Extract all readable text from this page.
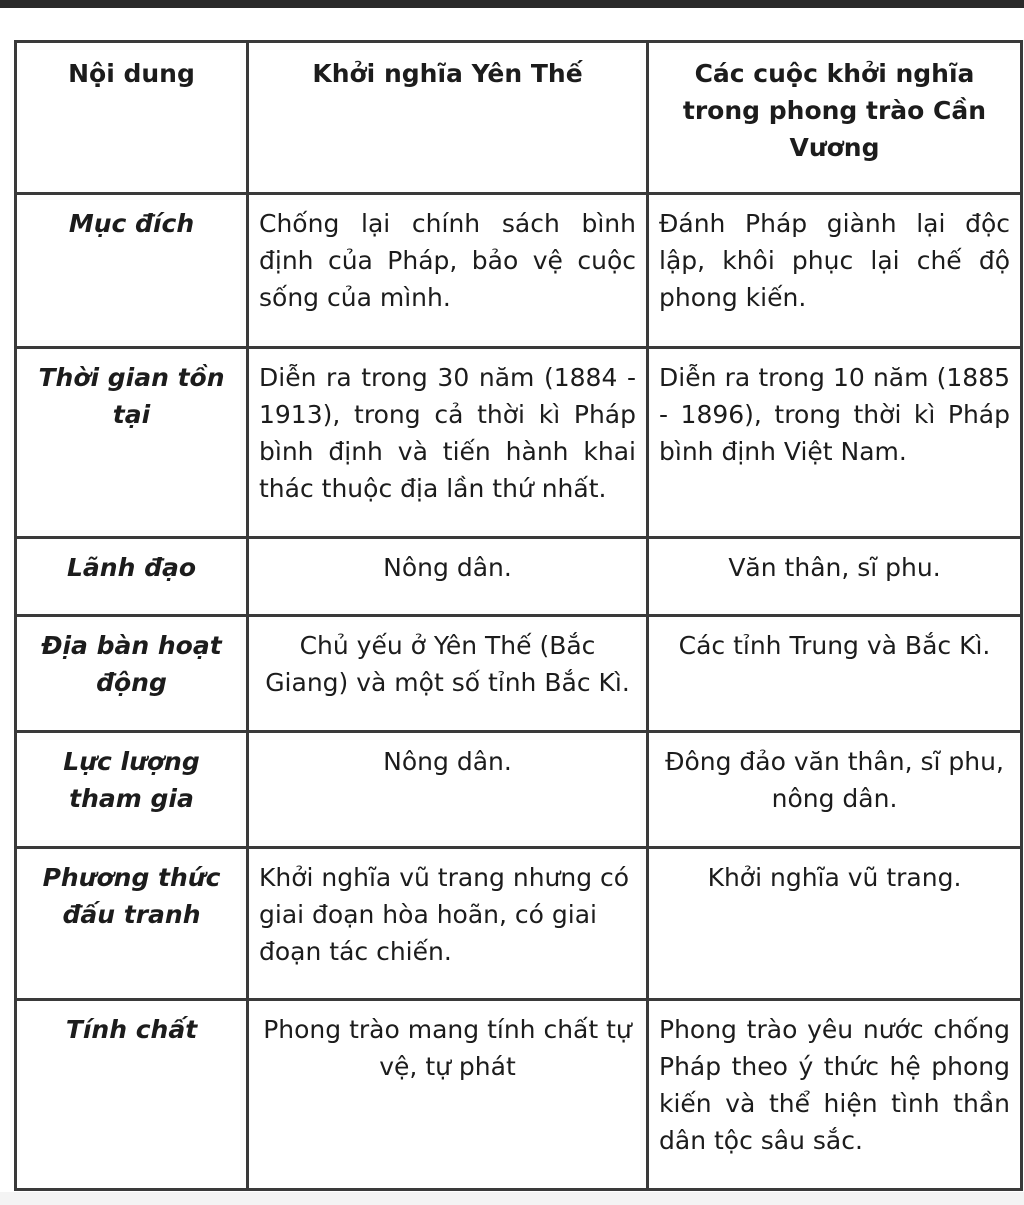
Nội dung	Khởi nghĩa Yên Thế	Các cuộc khởi nghĩa trong phong trào Cần Vương
Mục đích	Chống lại chính sách bình định của Pháp, bảo vệ cuộc sống của mình.	Đánh Pháp giành lại độc lập, khôi phục lại chế độ phong kiến.
Thời gian tồn tại	Diễn ra trong 30 năm (1884 - 1913), trong cả thời kì Pháp bình định và tiến hành khai thác thuộc địa lần thứ nhất.	Diễn ra trong 10 năm (1885 - 1896), trong thời kì Pháp bình định Việt Nam.
Lãnh đạo	Nông dân.	Văn thân, sĩ phu.
Địa bàn hoạt động	Chủ yếu ở Yên Thế (Bắc Giang) và một số tỉnh Bắc Kì.	Các tỉnh Trung và Bắc Kì.
Lực lượng tham gia	Nông dân.	Đông đảo văn thân, sĩ phu, nông dân.
Phương thức đấu tranh	Khởi nghĩa vũ trang nhưng có giai đoạn hòa hoãn, có giai đoạn tác chiến.	Khởi nghĩa vũ trang.
Tính chất	Phong trào mang tính chất tự vệ, tự phát	Phong trào yêu nước chống Pháp theo ý thức hệ phong kiến và thể hiện tình thần dân tộc sâu sắc.
